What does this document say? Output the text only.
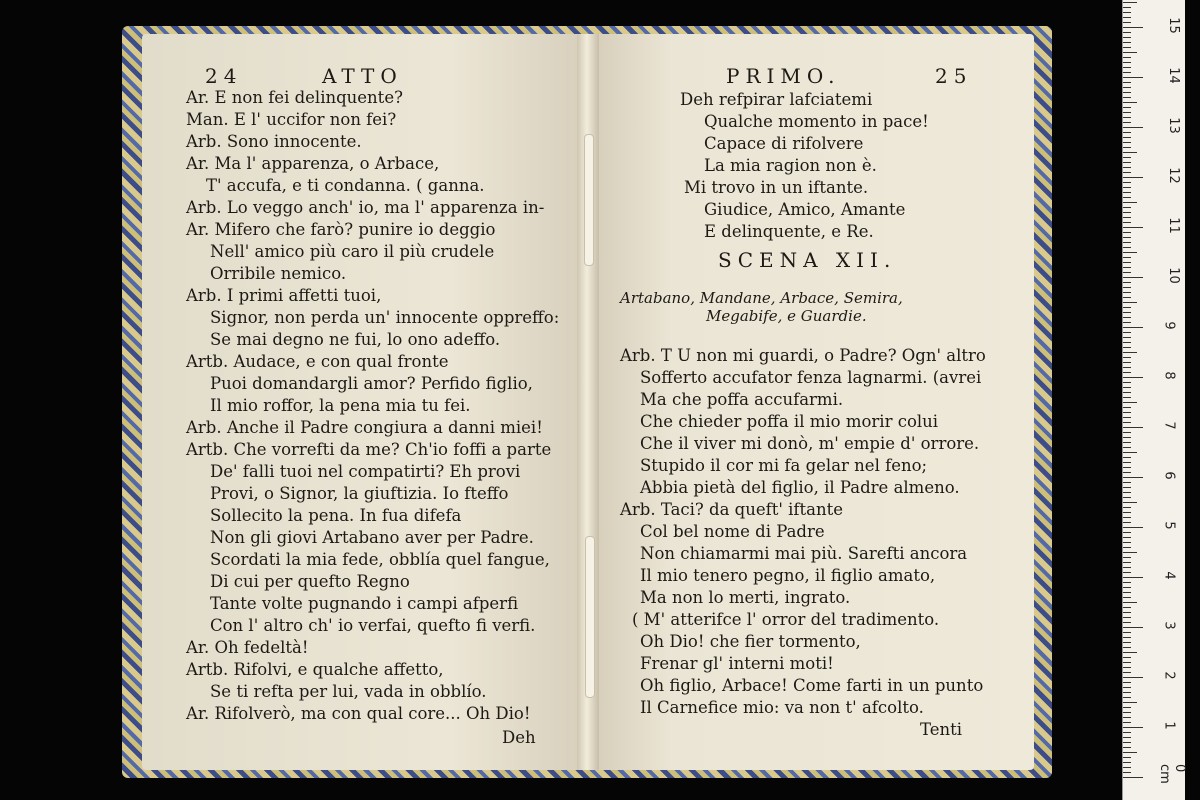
24	ATTO
Ar. E non fei delinquente?
Man. E l' uccifor non fei?
Arb. Sono innocente.
Ar. Ma l' apparenza, o Arbace,
T' accufa, e ti condanna. ( ganna.
Arb. Lo veggo anch' io, ma l' apparenza in-
Ar. Mifero che farò? punire io deggio
Nell' amico più caro il più crudele
Orribile nemico.
Arb. I primi affetti tuoi,
Signor, non perda un' innocente oppreffo:
Se mai degno ne fui, lo ono adeffo.
Artb. Audace, e con qual fronte
Puoi domandargli amor? Perfido figlio,
Il mio roffor, la pena mia tu fei.
Arb. Anche il Padre congiura a danni miei!
Artb. Che vorrefti da me? Ch'io foffi a parte
De' falli tuoi nel compatirti? Eh provi
Provi, o Signor, la giuftizia. Io fteffo
Sollecito la pena. In fua difefa
Non gli giovi Artabano aver per Padre.
Scordati la mia fede, obblía quel fangue,
Di cui per quefto Regno
Tante volte pugnando i campi afperfi
Con l' altro ch' io verfai, quefto fi verfi.
Ar. Oh fedeltà!
Artb. Rifolvi, e qualche affetto,
Se ti refta per lui, vada in obblío.
Ar. Rifolverò, ma con qual core... Oh Dio!
Deh
PRIMO.	25
Deh refpirar lafciatemi
Qualche momento in pace!
Capace di rifolvere
La mia ragion non è.
Mi trovo in un iftante.
Giudice, Amico, Amante
E delinquente, e Re.
SCENA XII.
Artabano, Mandane, Arbace, Semira,
Megabife, e Guardie.
Arb. T U non mi guardi, o Padre? Ogn' altro
Sofferto accufator fenza lagnarmi. (avrei
Ma che poffa accufarmi.
Che chieder poffa il mio morir colui
Che il viver mi donò, m' empie d' orrore.
Stupido il cor mi fa gelar nel feno;
Abbia pietà del figlio, il Padre almeno.
Arb. Taci? da queft' iftante
Col bel nome di Padre
Non chiamarmi mai più. Sarefti ancora
Il mio tenero pegno, il figlio amato,
Ma non lo merti, ingrato.
( M' atterifce l' orror del tradimento.
Oh Dio! che fier tormento,
Frenar gl' interni moti!
Oh figlio, Arbace! Come farti in un punto
Il Carnefice mio: va non t' afcolto.
Tenti
15
14
13
12
11
10
9
8
7
6
5
4
3
2
1
0 cm
